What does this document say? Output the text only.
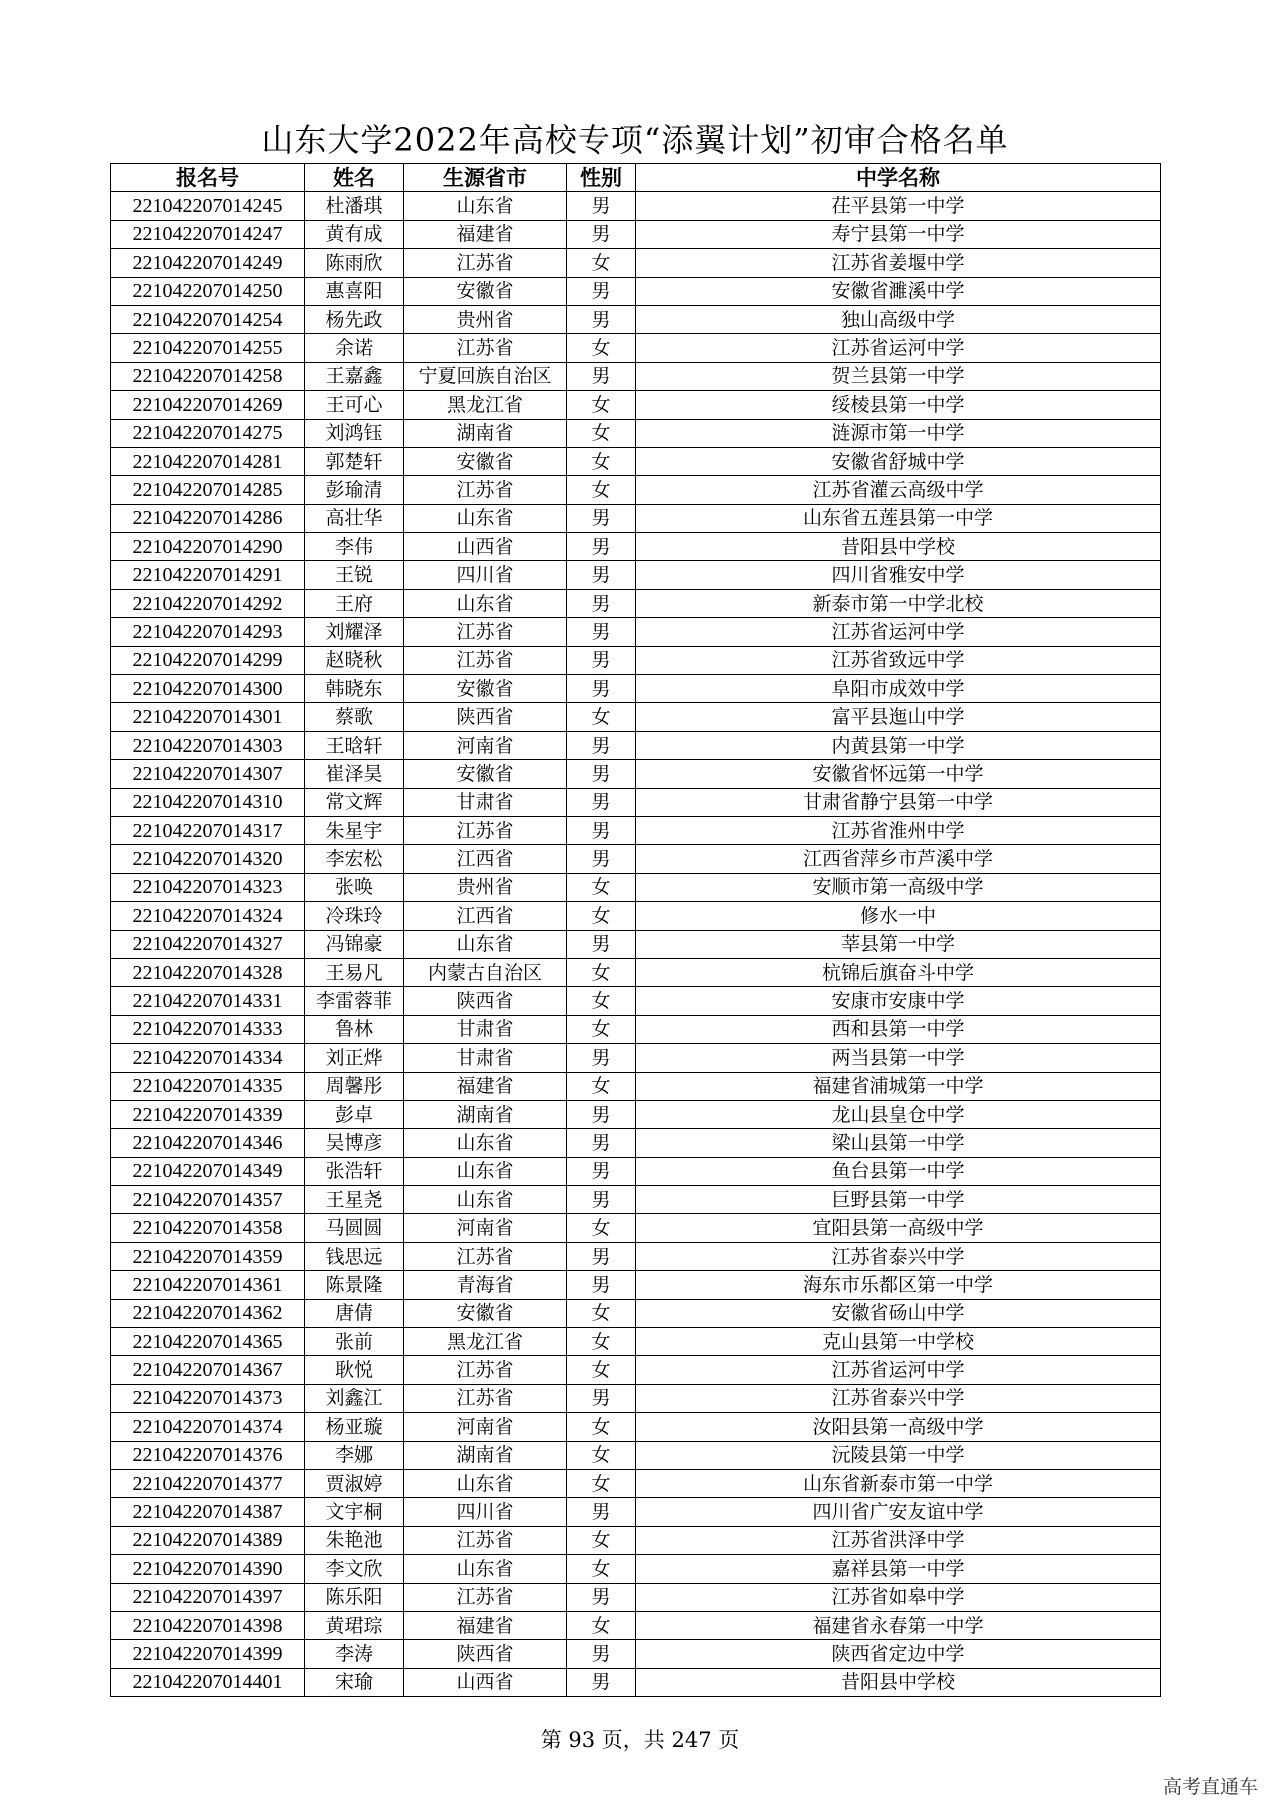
山东大学2022年高校专项“添翼计划”初审合格名单
报名号	姓名	生源省市	性别	中学名称
221042207014245	杜潘琪	山东省	男	茌平县第一中学
221042207014247	黄有成	福建省	男	寿宁县第一中学
221042207014249	陈雨欣	江苏省	女	江苏省姜堰中学
221042207014250	惠喜阳	安徽省	男	安徽省濉溪中学
221042207014254	杨先政	贵州省	男	独山高级中学
221042207014255	余诺	江苏省	女	江苏省运河中学
221042207014258	王嘉鑫	宁夏回族自治区	男	贺兰县第一中学
221042207014269	王可心	黑龙江省	女	绥棱县第一中学
221042207014275	刘鸿钰	湖南省	女	涟源市第一中学
221042207014281	郭楚轩	安徽省	女	安徽省舒城中学
221042207014285	彭瑜清	江苏省	女	江苏省灌云高级中学
221042207014286	高壮华	山东省	男	山东省五莲县第一中学
221042207014290	李伟	山西省	男	昔阳县中学校
221042207014291	王锐	四川省	男	四川省雅安中学
221042207014292	王府	山东省	男	新泰市第一中学北校
221042207014293	刘耀泽	江苏省	男	江苏省运河中学
221042207014299	赵晓秋	江苏省	男	江苏省致远中学
221042207014300	韩晓东	安徽省	男	阜阳市成效中学
221042207014301	蔡歌	陕西省	女	富平县迤山中学
221042207014303	王晗轩	河南省	男	内黄县第一中学
221042207014307	崔泽昊	安徽省	男	安徽省怀远第一中学
221042207014310	常文辉	甘肃省	男	甘肃省静宁县第一中学
221042207014317	朱星宇	江苏省	男	江苏省淮州中学
221042207014320	李宏松	江西省	男	江西省萍乡市芦溪中学
221042207014323	张唤	贵州省	女	安顺市第一高级中学
221042207014324	冷珠玲	江西省	女	修水一中
221042207014327	冯锦豪	山东省	男	莘县第一中学
221042207014328	王易凡	内蒙古自治区	女	杭锦后旗奋斗中学
221042207014331	李雷蓉菲	陕西省	女	安康市安康中学
221042207014333	鲁林	甘肃省	女	西和县第一中学
221042207014334	刘正烨	甘肃省	男	两当县第一中学
221042207014335	周馨彤	福建省	女	福建省浦城第一中学
221042207014339	彭卓	湖南省	男	龙山县皇仓中学
221042207014346	吴博彦	山东省	男	梁山县第一中学
221042207014349	张浩轩	山东省	男	鱼台县第一中学
221042207014357	王星尧	山东省	男	巨野县第一中学
221042207014358	马圆圆	河南省	女	宜阳县第一高级中学
221042207014359	钱思远	江苏省	男	江苏省泰兴中学
221042207014361	陈景隆	青海省	男	海东市乐都区第一中学
221042207014362	唐倩	安徽省	女	安徽省砀山中学
221042207014365	张前	黑龙江省	女	克山县第一中学校
221042207014367	耿悦	江苏省	女	江苏省运河中学
221042207014373	刘鑫江	江苏省	男	江苏省泰兴中学
221042207014374	杨亚璇	河南省	女	汝阳县第一高级中学
221042207014376	李娜	湖南省	女	沅陵县第一中学
221042207014377	贾淑婷	山东省	女	山东省新泰市第一中学
221042207014387	文宇桐	四川省	男	四川省广安友谊中学
221042207014389	朱艳池	江苏省	女	江苏省洪泽中学
221042207014390	李文欣	山东省	女	嘉祥县第一中学
221042207014397	陈乐阳	江苏省	男	江苏省如皋中学
221042207014398	黄珺琮	福建省	女	福建省永春第一中学
221042207014399	李涛	陕西省	男	陕西省定边中学
221042207014401	宋瑜	山西省	男	昔阳县中学校
第 93 页，共 247 页
高考直通车
